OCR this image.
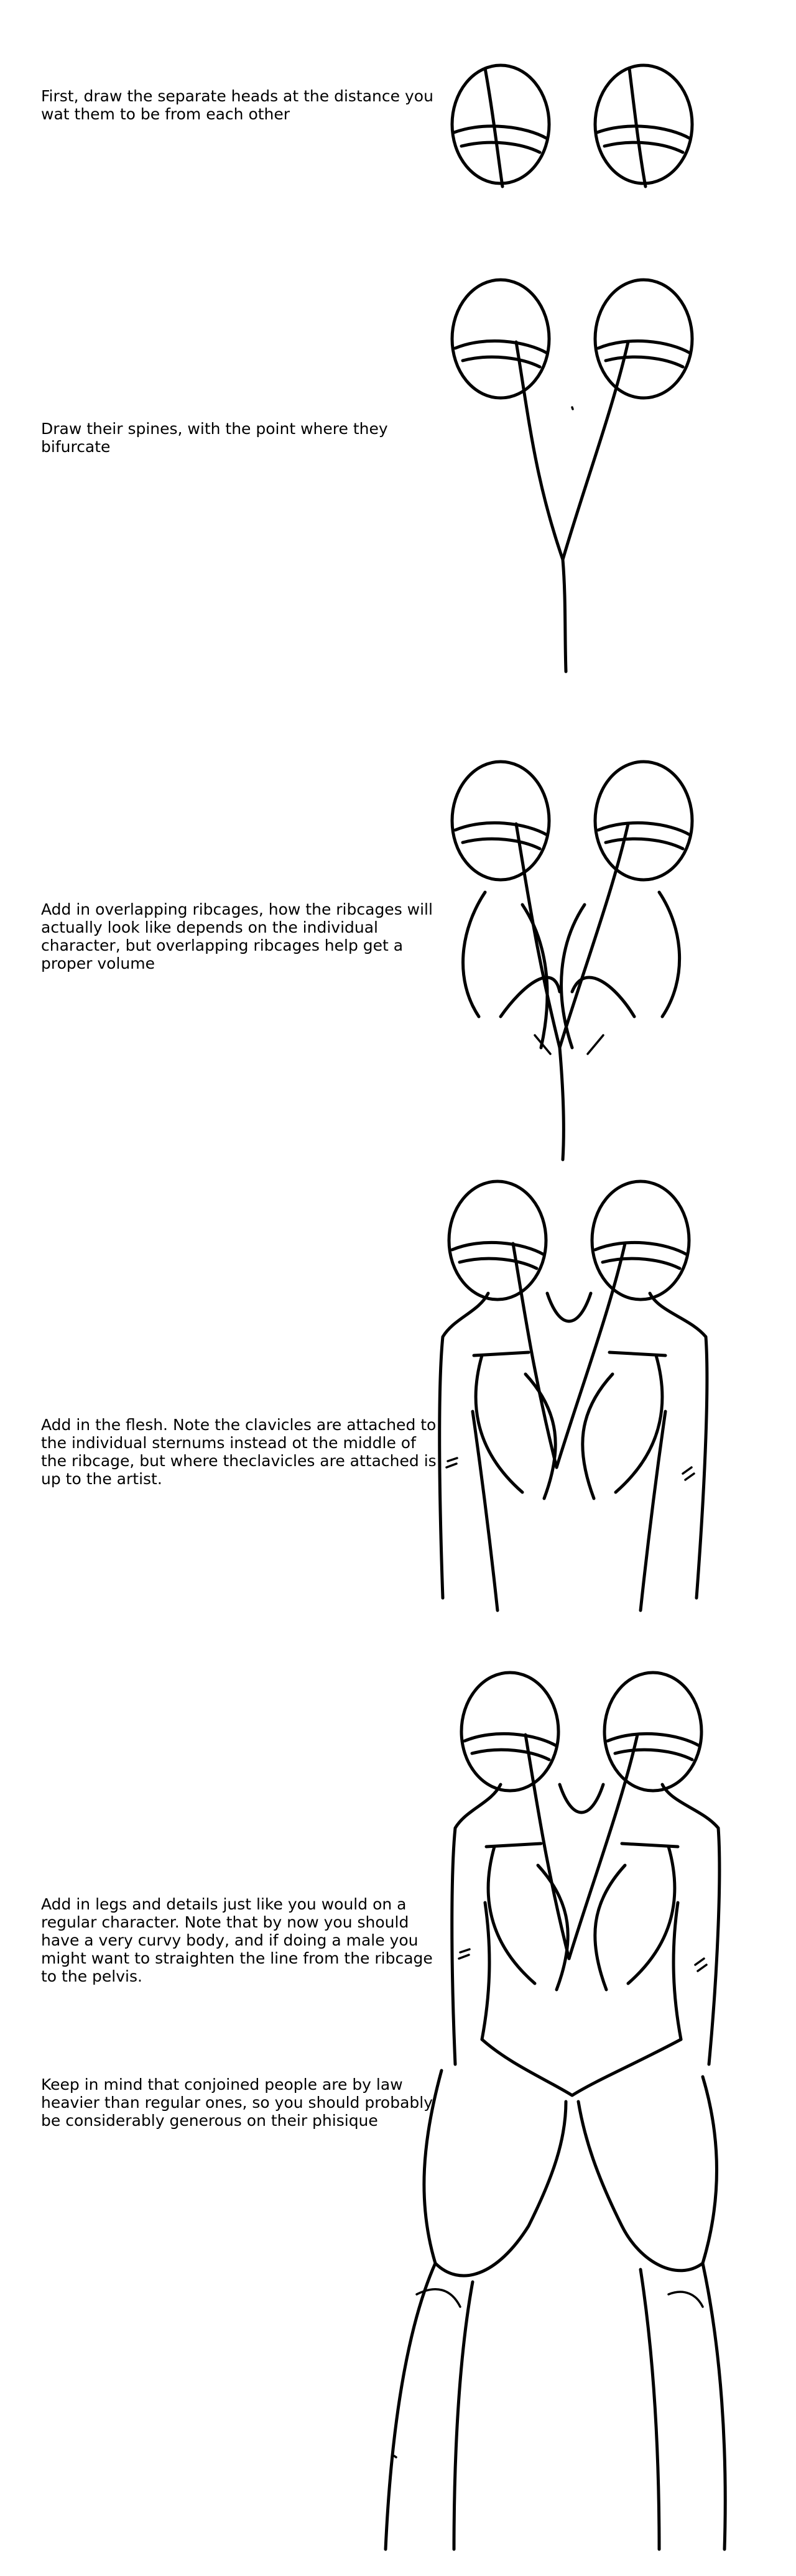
First, draw the separate heads at the distance you wat them to be from each other
Draw their spines, with the point where they bifurcate
Add in overlapping ribcages, how the ribcages will actually look like depends on the individual character, but overlapping ribcages help get a proper volume
Add in the flesh. Note the clavicles are attached to the individual sternums instead ot the middle of the ribcage, but where theclavicles are attached is up to the artist.

Add in legs and details just like you would on a regular character. Note that by now you should have a very curvy body, and if doing a male you might want to straighten the line from the ribcage to the pelvis.

Keep in mind that conjoined people are by law heavier than regular ones, so you should probably be considerably generous on their phisique
